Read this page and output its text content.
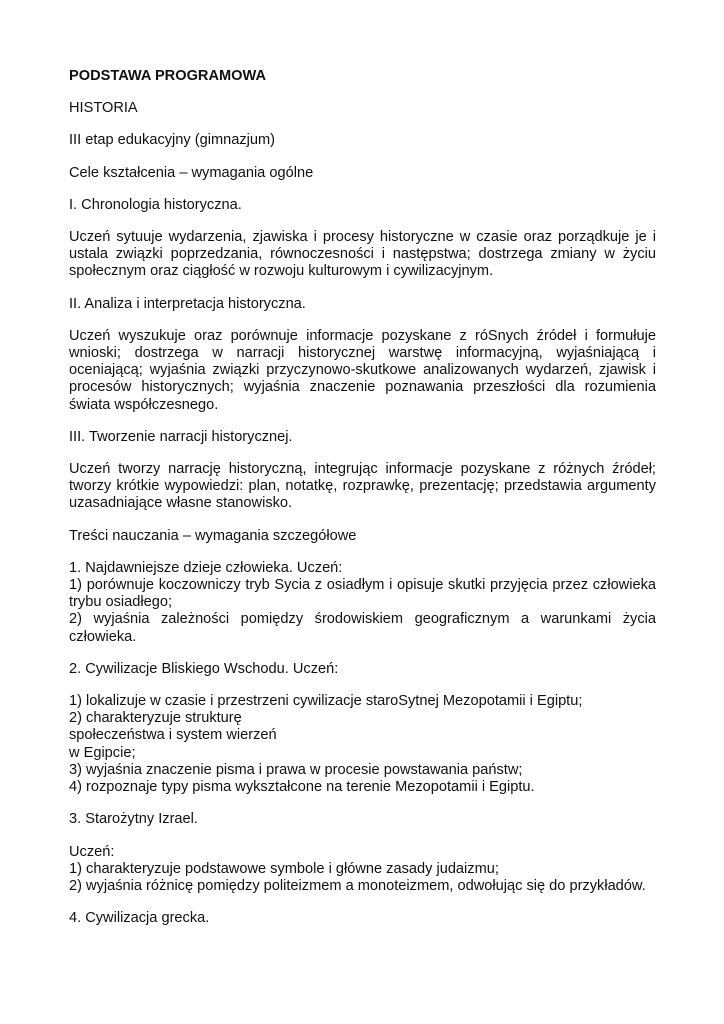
PODSTAWA PROGRAMOWA
HISTORIA
III etap edukacyjny (gimnazjum)
Cele kształcenia – wymagania ogólne
I. Chronologia historyczna.
Uczeń sytuuje wydarzenia, zjawiska i procesy historyczne w czasie oraz porządkuje je i
ustala związki poprzedzania, równoczesności i następstwa; dostrzega zmiany w życiu
społecznym oraz ciągłość w rozwoju kulturowym i cywilizacyjnym.
II. Analiza i interpretacja historyczna.
Uczeń wyszukuje oraz porównuje informacje pozyskane z róSnych źródeł i formułuje
wnioski; dostrzega w narracji historycznej warstwę informacyjną, wyjaśniającą i
oceniającą; wyjaśnia związki przyczynowo-skutkowe analizowanych wydarzeń, zjawisk i
procesów historycznych; wyjaśnia znaczenie poznawania przeszłości dla rozumienia
świata współczesnego.
III. Tworzenie narracji historycznej.
Uczeń tworzy narrację historyczną, integrując informacje pozyskane z różnych źródeł;
tworzy krótkie wypowiedzi: plan, notatkę, rozprawkę, prezentację; przedstawia argumenty
uzasadniające własne stanowisko.
Treści nauczania – wymagania szczegółowe
1. Najdawniejsze dzieje człowieka. Uczeń:
1) porównuje koczowniczy tryb Sycia z osiadłym i opisuje skutki przyjęcia przez człowieka
trybu osiadłego;
2) wyjaśnia zależności pomiędzy środowiskiem geograficznym a warunkami życia
człowieka.
2. Cywilizacje Bliskiego Wschodu. Uczeń:
1) lokalizuje w czasie i przestrzeni cywilizacje staroSytnej Mezopotamii i Egiptu;
2) charakteryzuje strukturę
społeczeństwa i system wierzeń
w Egipcie;
3) wyjaśnia znaczenie pisma i prawa w procesie powstawania państw;
4) rozpoznaje typy pisma wykształcone na terenie Mezopotamii i Egiptu.
3. Starożytny Izrael.
Uczeń:
1) charakteryzuje podstawowe symbole i główne zasady judaizmu;
2) wyjaśnia różnicę pomiędzy politeizmem a monoteizmem, odwołując się do przykładów.
4. Cywilizacja grecka.
